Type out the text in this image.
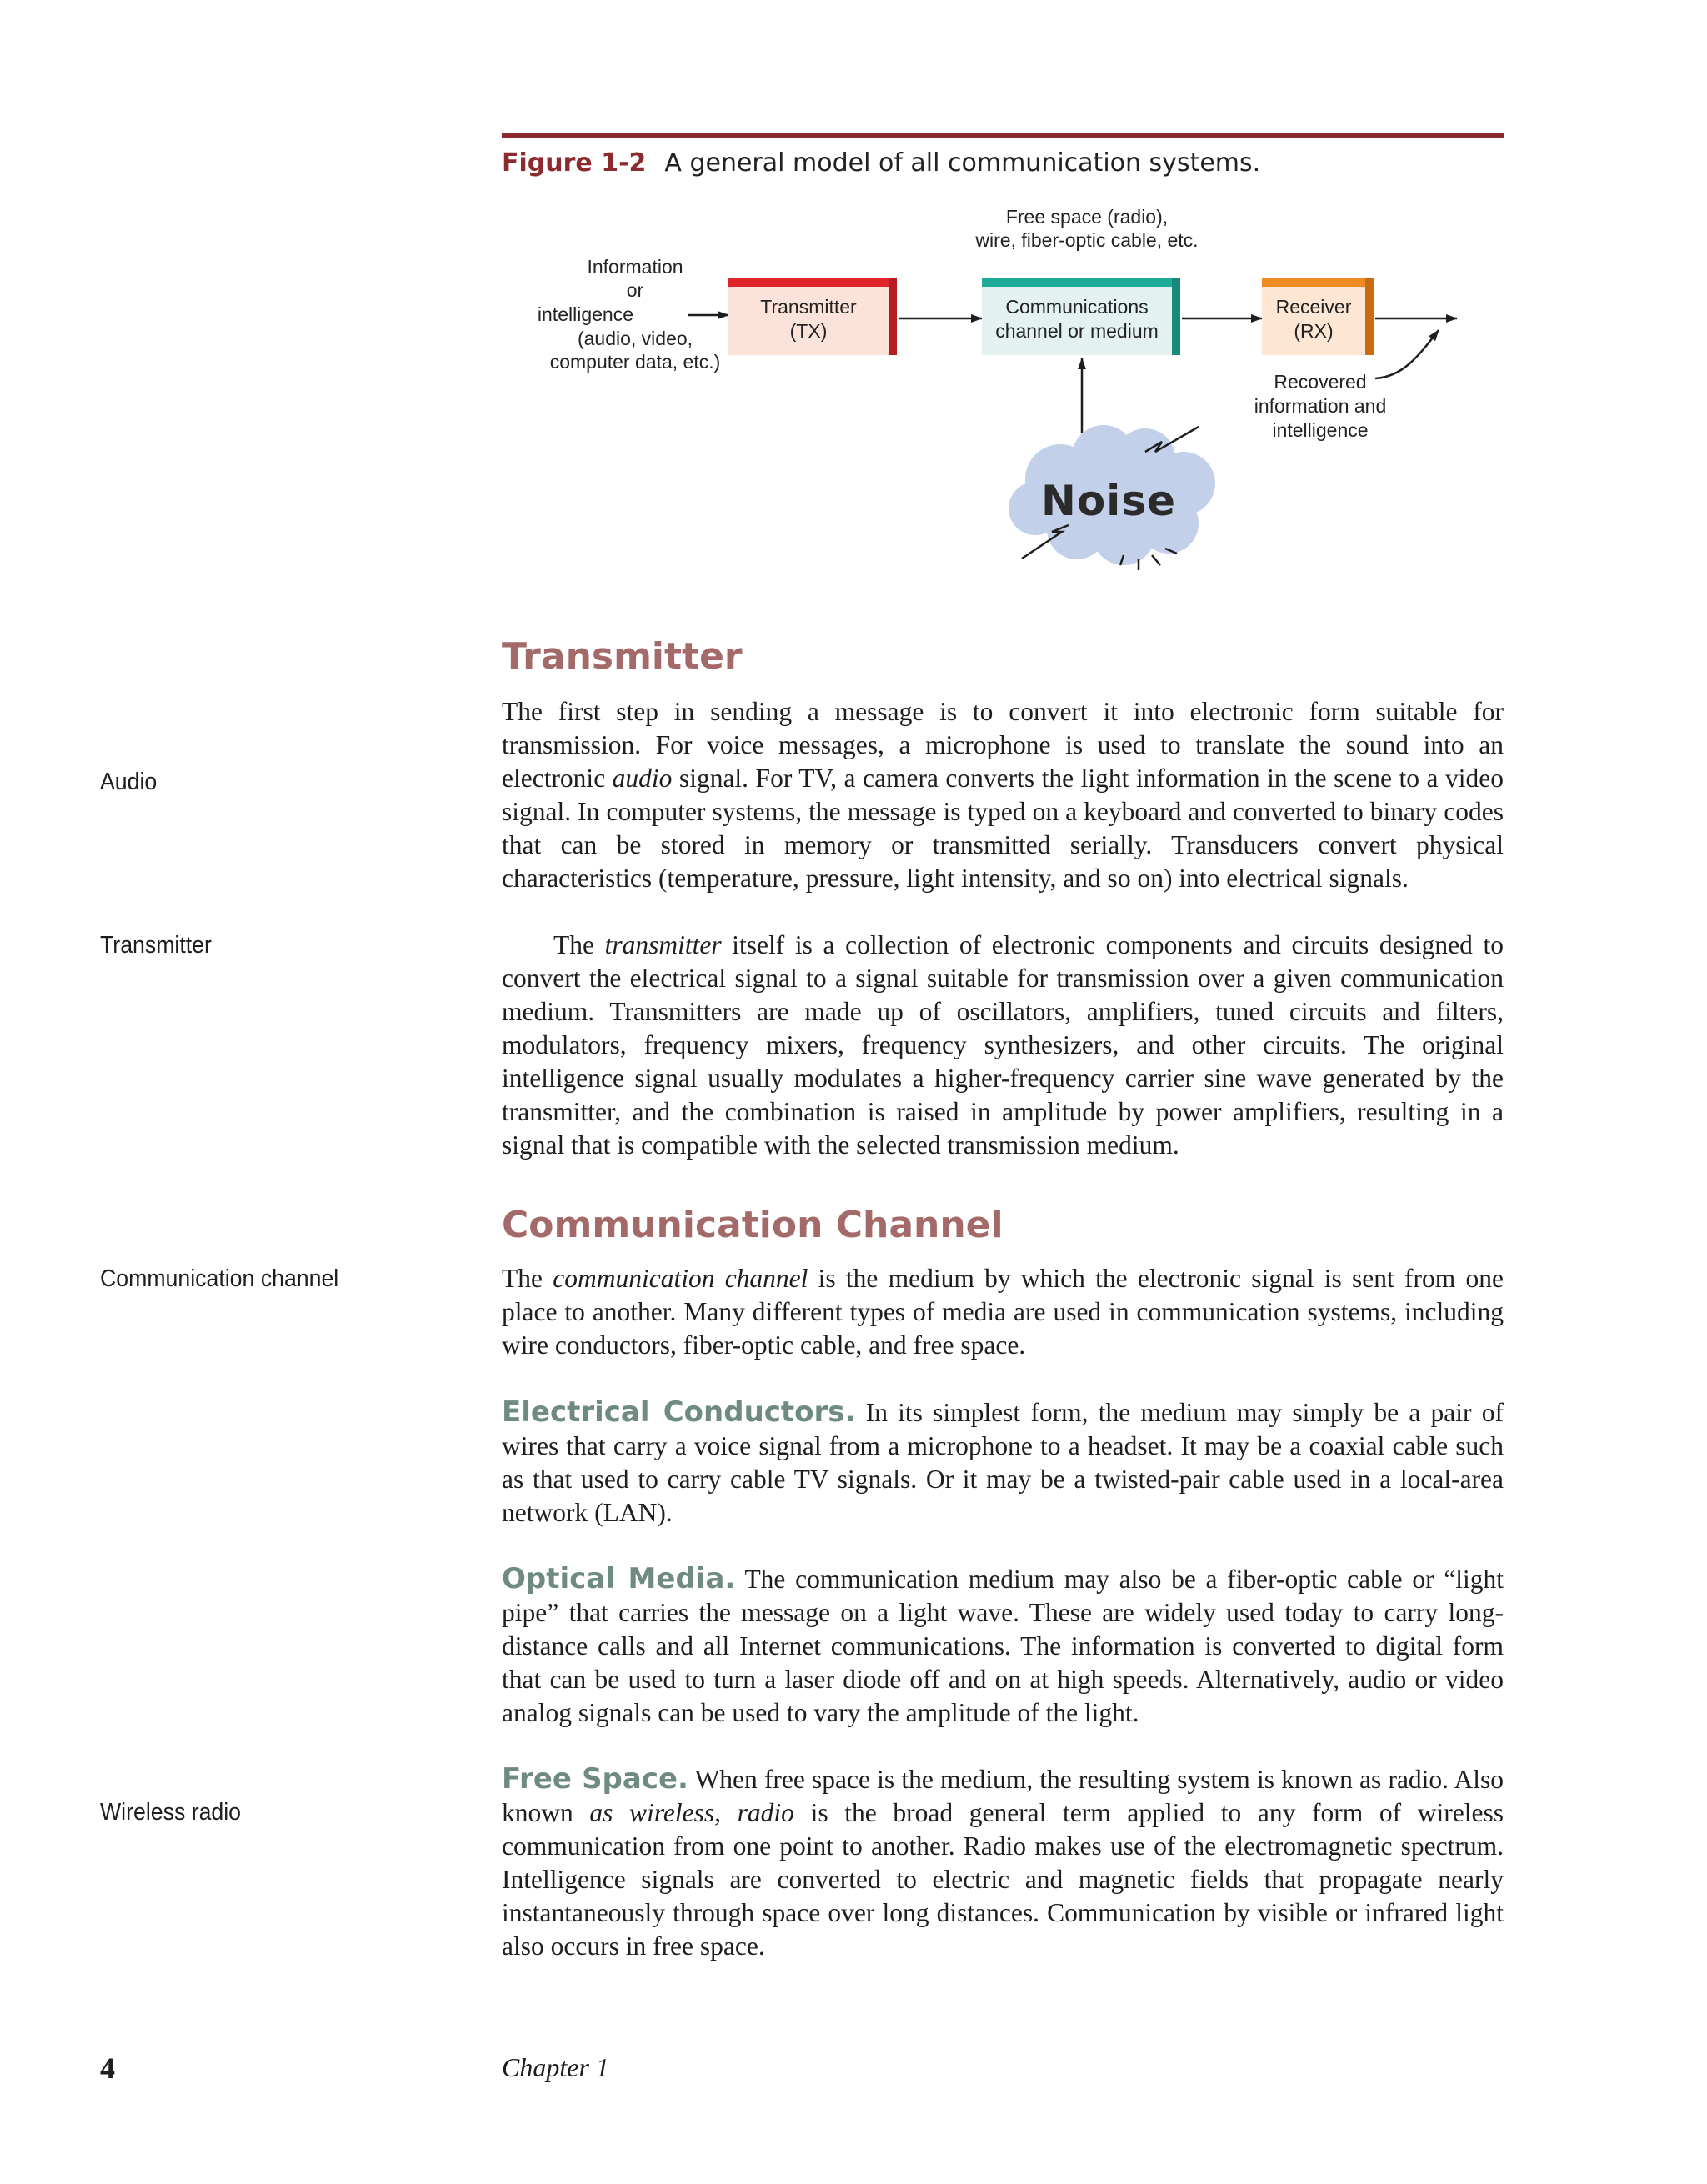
Figure 1-2 A general model of all communication systems.
Free space (radio),
wire, fiber-optic cable, etc.
Information
or
intelligence
(audio, video,
computer data, etc.)
Transmitter
(TX)
Communications
channel or medium
Receiver
(RX)
Recovered
information and
intelligence
Noise
Transmitter
The first step in sending a message is to convert it into electronic form suitable for transmission. For voice messages, a microphone is used to translate the sound into an electronic audio signal. For TV, a camera converts the light information in the scene to a video signal. In computer systems, the message is typed on a keyboard and converted to binary codes that can be stored in memory or transmitted serially. Transducers convert physical characteristics (temperature, pressure, light intensity, and so on) into electrical signals.
The transmitter itself is a collection of electronic components and circuits designed to convert the electrical signal to a signal suitable for transmission over a given communication medium. Transmitters are made up of oscillators, amplifiers, tuned circuits and filters, modulators, frequency mixers, frequency synthesizers, and other circuits. The original intelligence signal usually modulates a higher-frequency carrier sine wave generated by the transmitter, and the combination is raised in amplitude by power amplifiers, resulting in a signal that is compatible with the selected transmission medium.
Communication Channel
The communication channel is the medium by which the electronic signal is sent from one place to another. Many different types of media are used in communication systems, including wire conductors, fiber-optic cable, and free space.
Electrical Conductors. In its simplest form, the medium may simply be a pair of wires that carry a voice signal from a microphone to a headset. It may be a coaxial cable such as that used to carry cable TV signals. Or it may be a twisted-pair cable used in a local-area network (LAN).
Optical Media. The communication medium may also be a fiber-optic cable or “light pipe” that carries the message on a light wave. These are widely used today to carry long-distance calls and all Internet communications. The information is converted to digital form that can be used to turn a laser diode off and on at high speeds. Alternatively, audio or video analog signals can be used to vary the amplitude of the light.
Free Space. When free space is the medium, the resulting system is known as radio. Also known as wireless, radio is the broad general term applied to any form of wireless communication from one point to another. Radio makes use of the electromagnetic spectrum. Intelligence signals are converted to electric and magnetic fields that propagate nearly instantaneously through space over long distances. Communication by visible or infrared light also occurs in free space.
Audio
Transmitter
Communication channel
Wireless radio
4	Chapter 1
